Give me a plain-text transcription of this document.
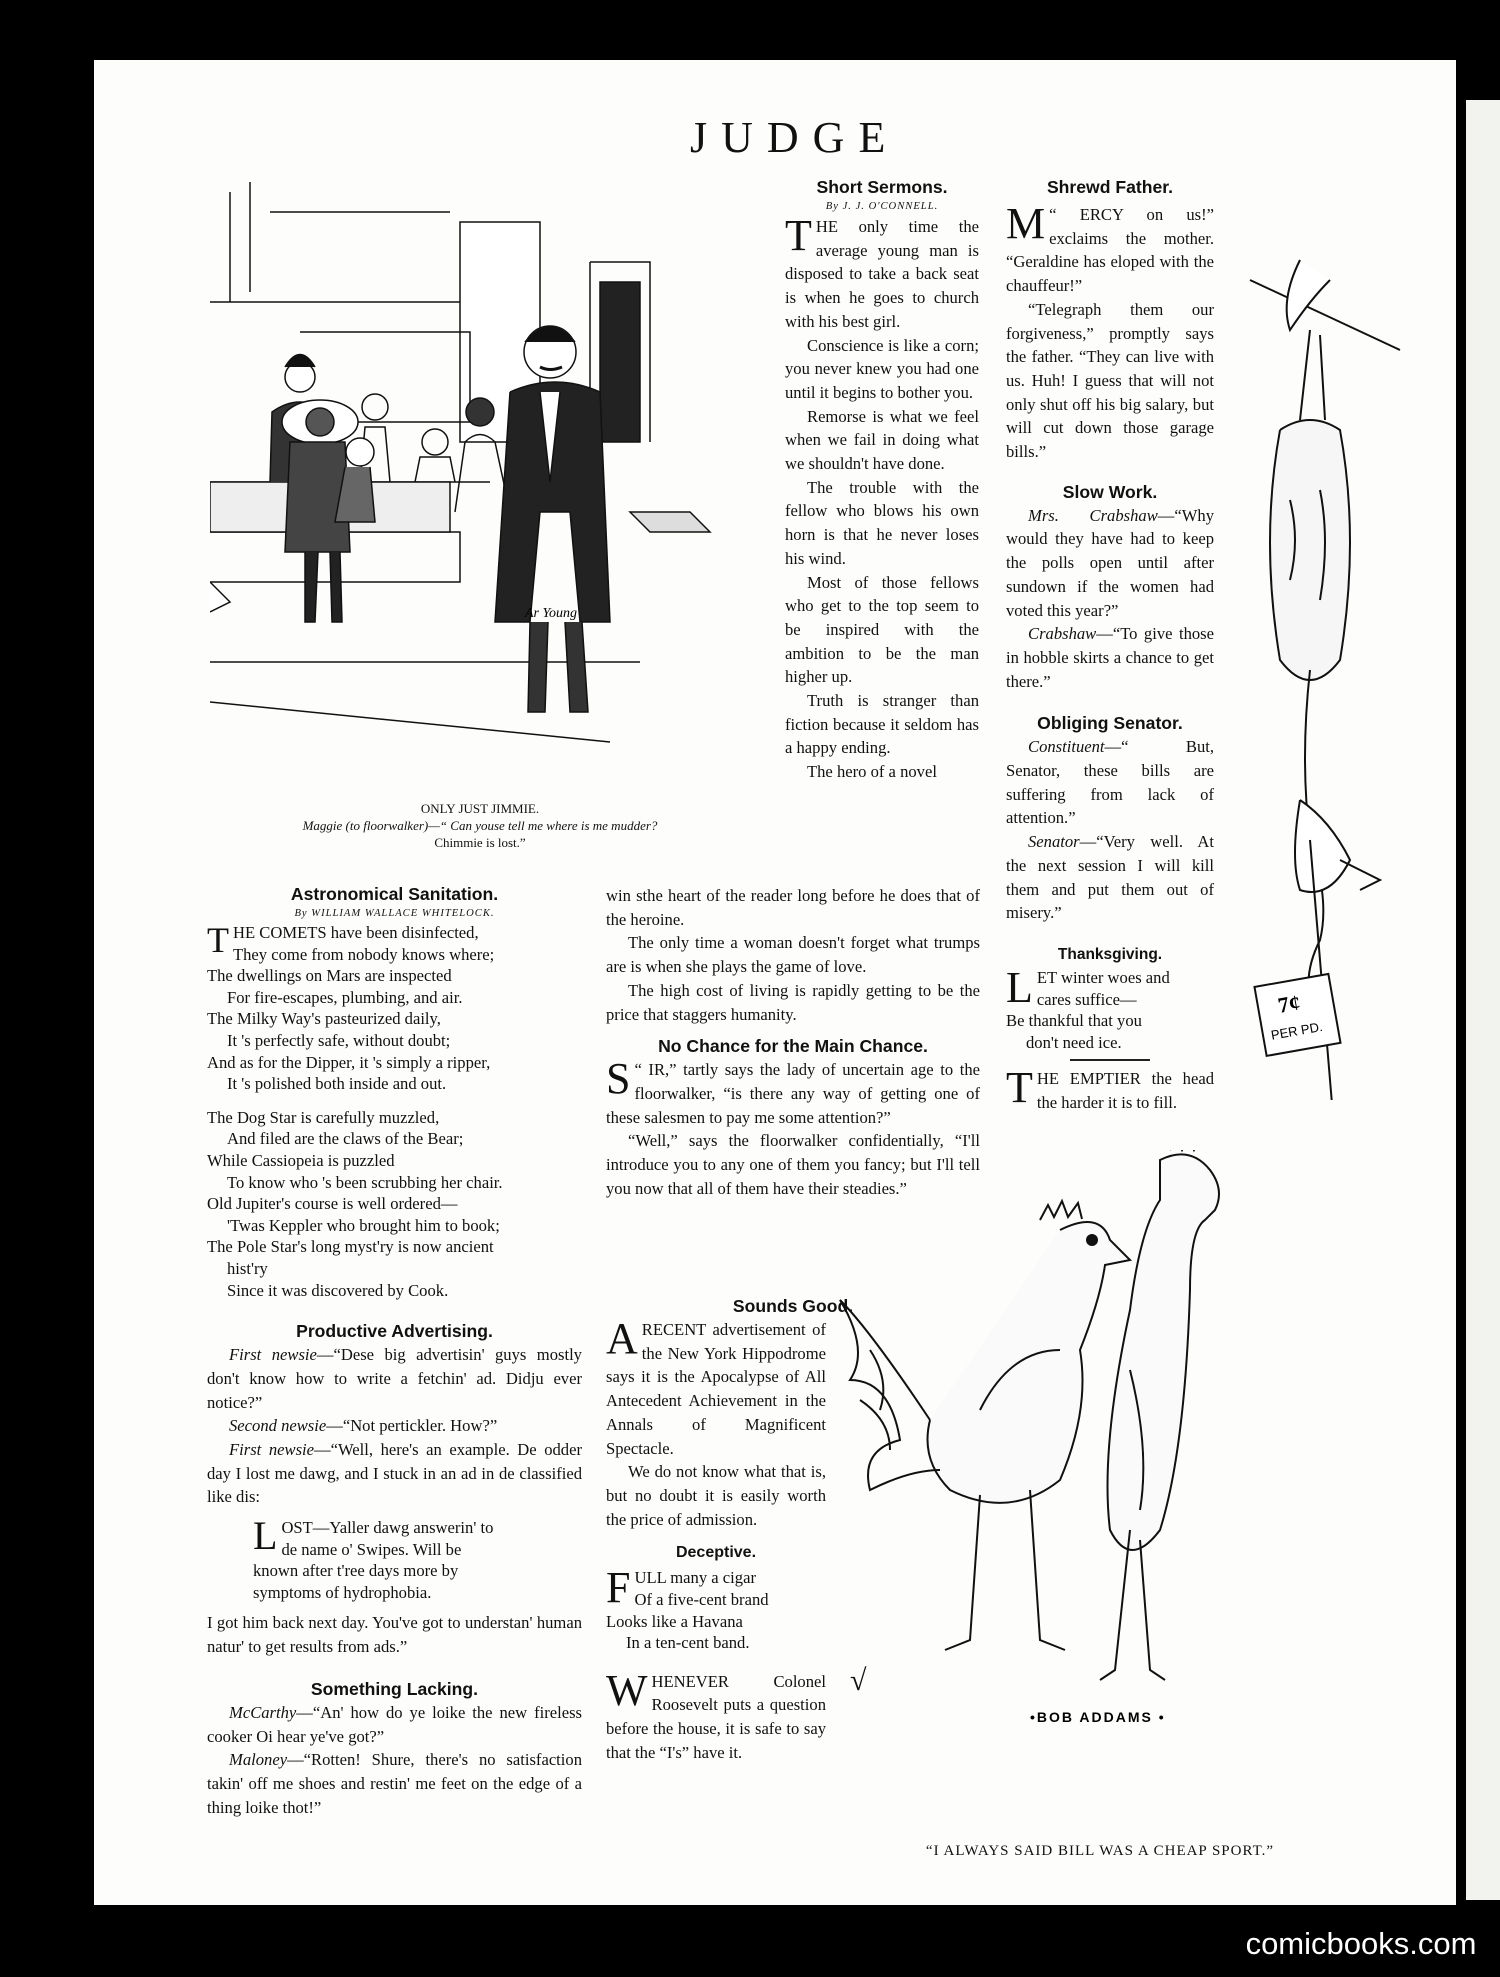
JUDGE
Ar Young
ONLY JUST JIMMIE.
Maggie (to floorwalker)—“ Can youse tell me where is me mudder?
Chimmie is lost.”
Short Sermons.
By J. J. O'CONNELL.

THE only time the average young man is disposed to take a back seat is when he goes to church with his best girl.

Conscience is like a corn; you never knew you had one until it begins to bother you.

Remorse is what we feel when we fail in doing what we shouldn't have done.

The trouble with the fellow who blows his own horn is that he never loses his wind.

Most of those fellows who get to the top seem to be inspired with the ambition to be the man higher up.

Truth is stranger than fiction because it seldom has a happy ending.

The hero of a novel

win sthe heart of the reader long before he does that of the heroine.

The only time a woman doesn't forget what trumps are is when she plays the game of love.

The high cost of living is rapidly getting to be the price that staggers humanity.

No Chance for the Main Chance.

S “ IR,” tartly says the lady of uncertain age to the floorwalker, “is there any way of getting one of these salesmen to pay me some attention?”

“Well,” says the floorwalker confidentially, “I'll introduce you to any one of them you fancy; but I'll tell you now that all of them have their steadies.”

Sounds Good.

ARECENT advertisement of the New York Hippodrome says it is the Apocalypse of All Antecedent Achievement in the Annals of Magnificent Spectacle.

We do not know what that is, but no doubt it is easily worth the price of admission.

Deceptive.
F ULL many a cigar
Of a five-cent brand
Looks like a Havana
In a ten-cent band.

WHENEVER Colonel Roosevelt puts a question before the house, it is safe to say that the “I's” have it.

Shrewd Father.

M “ ERCY on us!” exclaims the mother. “Geraldine has eloped with the chauffeur!”

“Telegraph them our forgiveness,” promptly says the father. “They can live with us. Huh! I guess that will not only shut off his big salary, but will cut down those garage bills.”

Slow Work.

Mrs. Crabshaw—“Why would they have had to keep the polls open until after sundown if the women had voted this year?”

Crabshaw—“To give those in hobble skirts a chance to get there.”

Obliging Senator.

Constituent—“ But, Senator, these bills are suffering from lack of attention.”

Senator—“Very well. At the next session I will kill them and put them out of misery.”

Thanksgiving.
L ET winter woes and
cares suffice—
Be thankful that you
don't need ice.

THE EMPTIER the head the harder it is to fill.

Astronomical Sanitation.
By WILLIAM WALLACE WHITELOCK.
T HE COMETS have been disinfected,
They come from nobody knows where;
The dwellings on Mars are inspected
For fire-escapes, plumbing, and air.
The Milky Way's pasteurized daily,
It 's perfectly safe, without doubt;
And as for the Dipper, it 's simply a ripper,
It 's polished both inside and out.
The Dog Star is carefully muzzled,
And filed are the claws of the Bear;
While Cassiopeia is puzzled
To know who 's been scrubbing her chair.
Old Jupiter's course is well ordered—
'Twas Keppler who brought him to book;
The Pole Star's long myst'ry is now ancient
hist'ry
Since it was discovered by Cook.
Productive Advertising.

First newsie—“Dese big advertisin' guys mostly don't know how to write a fetchin' ad. Didju ever notice?”

Second newsie—“Not pertickler. How?”

First newsie—“Well, here's an example. De odder day I lost me dawg, and I stuck in an ad in de classified like dis:

L OST—Yaller dawg answerin' to
de name o' Swipes. Will be
known after t'ree days more by
symptoms of hydrophobia.

I got him back next day. You've got to understan' human natur' to get results from ads.”

Something Lacking.

McCarthy—“An' how do ye loike the new fireless cooker Oi hear ye've got?”

Maloney—“Rotten! Shure, there's no satisfaction takin' off me shoes and restin' me feet on the edge of a thing loike thot!”

7¢
PER PD.
•BOB ADDAMS •
√
“I ALWAYS SAID BILL WAS A CHEAP SPORT.”
comicbooks.com
